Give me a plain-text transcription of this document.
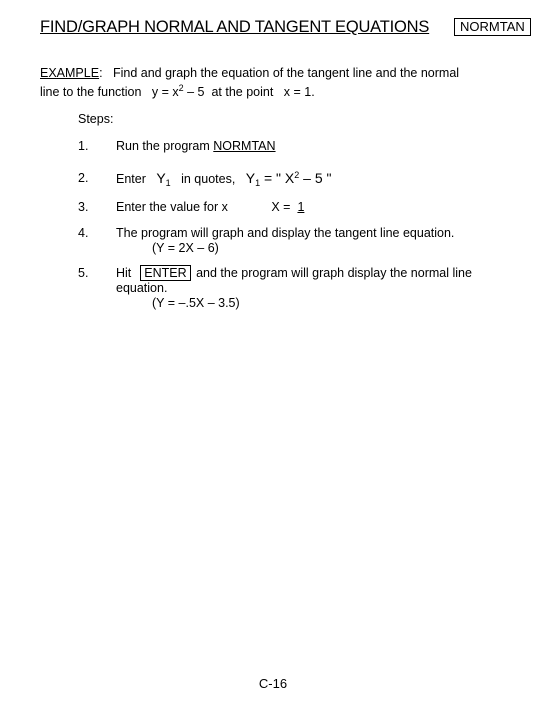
FIND/GRAPH NORMAL AND TANGENT EQUATIONS	NORMTAN
EXAMPLE: Find and graph the equation of the tangent line and the normal
line to the function $y = x^2 - 5$ at the point x = 1.
Steps:
1. Run the program NORMTAN
2. Enter $Y_1$ in quotes, $Y_1$ = " $X^2 - 5$ "
3. Enter the value for x	X = 1
4. The program will graph and display the tangent line equation.
(Y = 2X – 6)
5. Hit ENTER and the program will graph display the normal line
equation.
(Y = –.5X – 3.5)
C-16
